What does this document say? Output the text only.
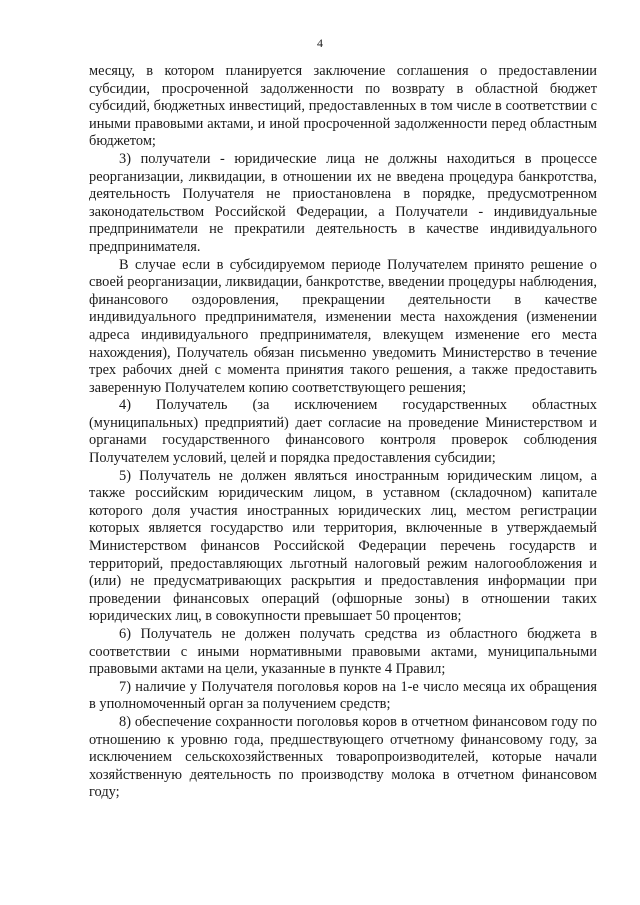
4

месяцу, в котором планируется заключение соглашения о предоставлении субсидии, просроченной задолженности по возврату в областной бюджет субсидий, бюджетных инвестиций, предоставленных в том числе в соответствии с иными правовыми актами, и иной просроченной задолженности перед областным бюджетом;

3) получатели - юридические лица не должны находиться в процессе реорганизации, ликвидации, в отношении их не введена процедура банкротства, деятельность Получателя не приостановлена в порядке, предусмотренном законодательством Российской Федерации, а Получатели - индивидуальные предприниматели не прекратили деятельность в качестве индивидуального предпринимателя.

В случае если в субсидируемом периоде Получателем принято решение о своей реорганизации, ликвидации, банкротстве, введении процедуры наблюдения, финансового оздоровления, прекращении деятельности в качестве индивидуального предпринимателя, изменении места нахождения (изменении адреса индивидуального предпринимателя, влекущем изменение его места нахождения), Получатель обязан письменно уведомить Министерство в течение трех рабочих дней с момента принятия такого решения, а также предоставить заверенную Получателем копию соответствующего решения;

4) Получатель (за исключением государственных областных (муниципальных) предприятий) дает согласие на проведение Министерством и органами государственного финансового контроля проверок соблюдения Получателем условий, целей и порядка предоставления субсидии;

5) Получатель не должен являться иностранным юридическим лицом, а также российским юридическим лицом, в уставном (складочном) капитале которого доля участия иностранных юридических лиц, местом регистрации которых является государство или территория, включенные в утверждаемый Министерством финансов Российской Федерации перечень государств и территорий, предоставляющих льготный налоговый режим налогообложения и (или) не предусматривающих раскрытия и предоставления информации при проведении финансовых операций (офшорные зоны) в отношении таких юридических лиц, в совокупности превышает 50 процентов;

6) Получатель не должен получать средства из областного бюджета в соответствии с иными нормативными правовыми актами, муниципальными правовыми актами на цели, указанные в пункте 4 Правил;

7) наличие у Получателя поголовья коров на 1-е число месяца их обращения в уполномоченный орган за получением средств;

8) обеспечение сохранности поголовья коров в отчетном финансовом году по отношению к уровню года, предшествующего отчетному финансовому году, за исключением сельскохозяйственных товаропроизводителей, которые начали хозяйственную деятельность по производству молока в отчетном финансовом году;
